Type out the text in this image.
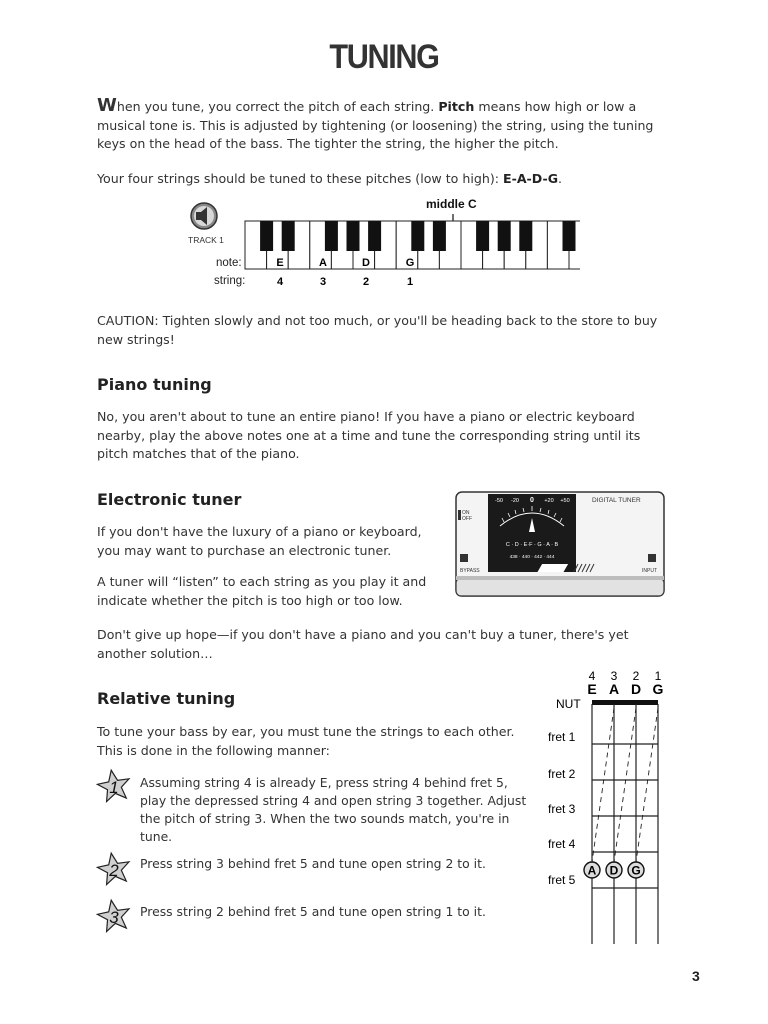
TUNING
When you tune, you correct the pitch of each string. Pitch means how high or low a musical tone is. This is adjusted by tightening (or loosening) the string, using the tuning keys on the head of the bass. The tighter the string, the higher the pitch.
Your four strings should be tuned to these pitches (low to high): E-A-D-G.
TRACK 1
middle C
note:
string:
E	A	D	G
4	3	2	1
CAUTION: Tighten slowly and not too much, or you'll be heading back to the store to buy new strings!
Piano tuning
No, you aren't about to tune an entire piano! If you have a piano or electric keyboard nearby, play the above notes one at a time and tune the corresponding string until its pitch matches that of the piano.
Electronic tuner
If you don't have the luxury of a piano or keyboard, you may want to purchase an electronic tuner.
A tuner will “listen” to each string as you play it and indicate whether the pitch is too high or too low.
-50 -20 0 +20 +50
C · D · E·F · G · A · B
438 · 440 · 442 · 444
ON
OFF
DIGITAL TUNER
BYPASS	INPUT
Don't give up hope—if you don't have a piano and you can't buy a tuner, there's yet another solution…
Relative tuning
To tune your bass by ear, you must tune the strings to each other. This is done in the following manner:
1 Assuming string 4 is already E, press string 4 behind fret 5, play the depressed string 4 and open string 3 together. Adjust the pitch of string 3. When the two sounds match, you're in tune.
2 Press string 3 behind fret 5 and tune open string 2 to it.
3 Press string 2 behind fret 5 and tune open string 1 to it.
4 3 2 1
E A D G
NUT
fret 1
fret 2
fret 3
fret 4
fret 5
A D G
3
